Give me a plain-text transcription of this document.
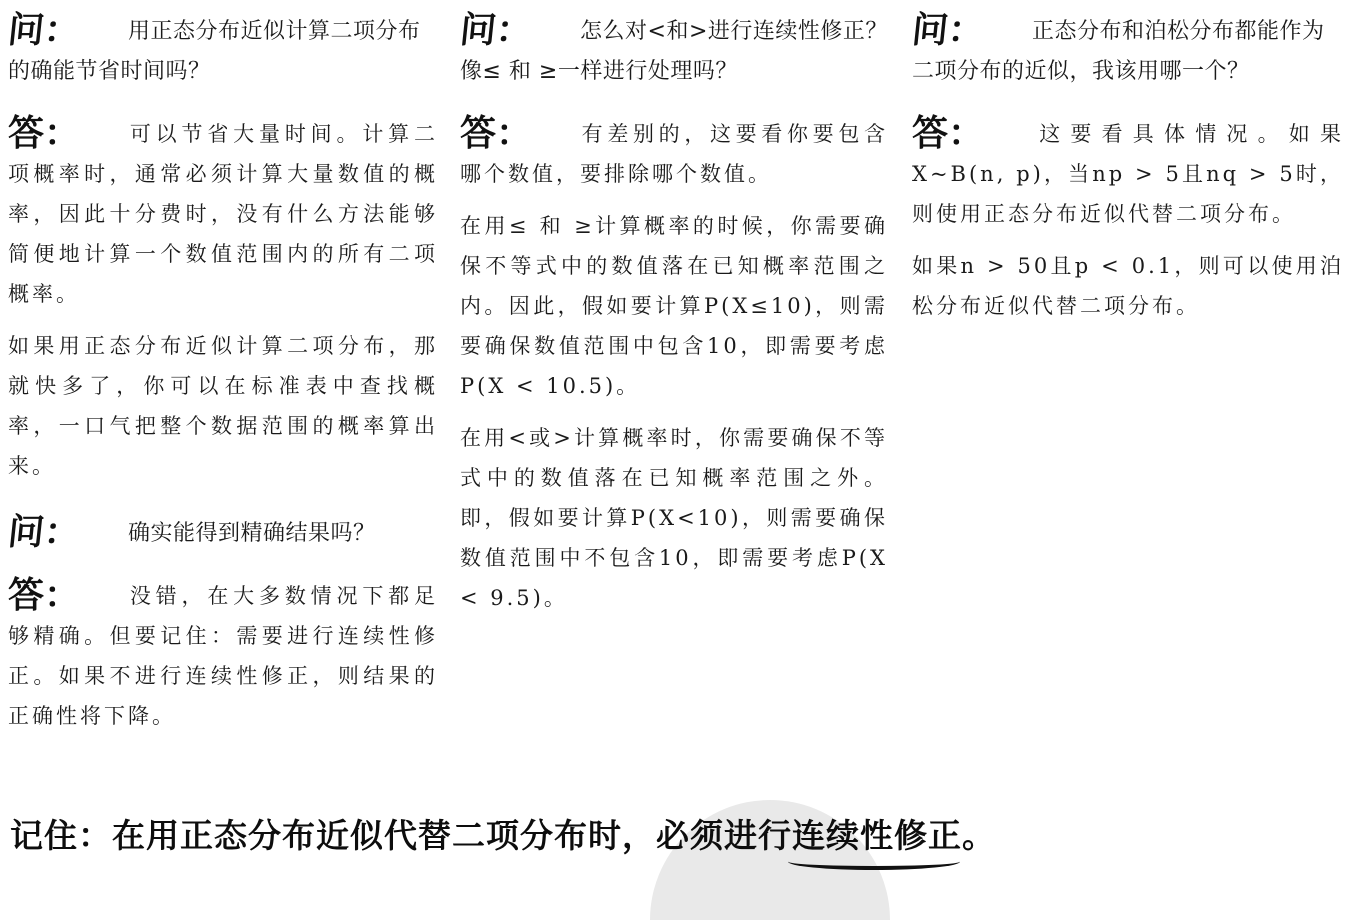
问： 用正态分布近似计算二项分布的确能节省时间吗？

答： 可以节省大量时间。计算二项概率时，通常必须计算大量数值的概率，因此十分费时，没有什么方法能够简便地计算一个数值范围内的所有二项概率。

如果用正态分布近似计算二项分布，那就快多了，你可以在标准表中查找概率，一口气把整个数据范围的概率算出来。

问： 确实能得到精确结果吗？

答： 没错，在大多数情况下都足够精确。但要记住：需要进行连续性修正。如果不进行连续性修正，则结果的正确性将下降。

问： 怎么对<和>进行连续性修正？像≤ 和 ≥一样进行处理吗？

答： 有差别的，这要看你要包含哪个数值，要排除哪个数值。

在用≤ 和 ≥计算概率的时候，你需要确保不等式中的数值落在已知概率范围之内。因此，假如要计算P(X≤10)，则需要确保数值范围中包含10，即需要考虑P(X < 10.5)。

在用<或>计算概率时，你需要确保不等式中的数值落在已知概率范围之外。即，假如要计算P(X<10)，则需要确保数值范围中不包含10，即需要考虑P(X < 9.5)。

问： 正态分布和泊松分布都能作为二项分布的近似，我该用哪一个？

答： 这要看具体情况。如果X~B(n, p)，当np > 5且nq > 5时，则使用正态分布近似代替二项分布。

如果n > 50且p < 0.1，则可以使用泊松分布近似代替二项分布。

记住：在用正态分布近似代替二项分布时，必须进行连续性修正。
